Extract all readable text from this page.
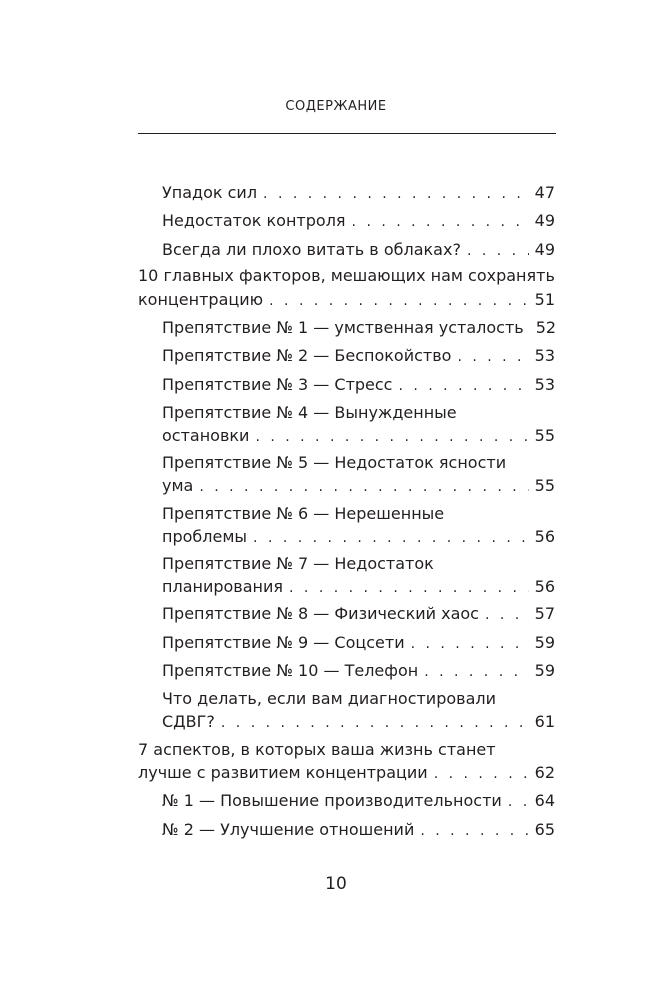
СОДЕРЖАНИЕ
Упадок сил . . .	47
Недостаток контроля . . .	49
Всегда ли плохо витать в облаках? . . .	49
10 главных факторов, мешающих нам сохранять
концентрацию . . .	51
Препятствие № 1 — умственная усталость 52
Препятствие № 2 — Беспокойство . . .	53
Препятствие № 3 — Стресс . . .	53
Препятствие № 4 — Вынужденные
остановки . . .	55
Препятствие № 5 — Недостаток ясности
ума . . .	55
Препятствие № 6 — Нерешенные
проблемы . . .	56
Препятствие № 7 — Недостаток
планирования . . .	56
Препятствие № 8 — Физический хаос . . .	57
Препятствие № 9 — Соцсети . . .	59
Препятствие № 10 — Телефон . . .	59
Что делать, если вам диагностировали
СДВГ? . . .	61
7 аспектов, в которых ваша жизнь станет
лучше с развитием концентрации . . .	62
№ 1 — Повышение производительности . . . 64
№ 2 — Улучшение отношений . . .	65
10
